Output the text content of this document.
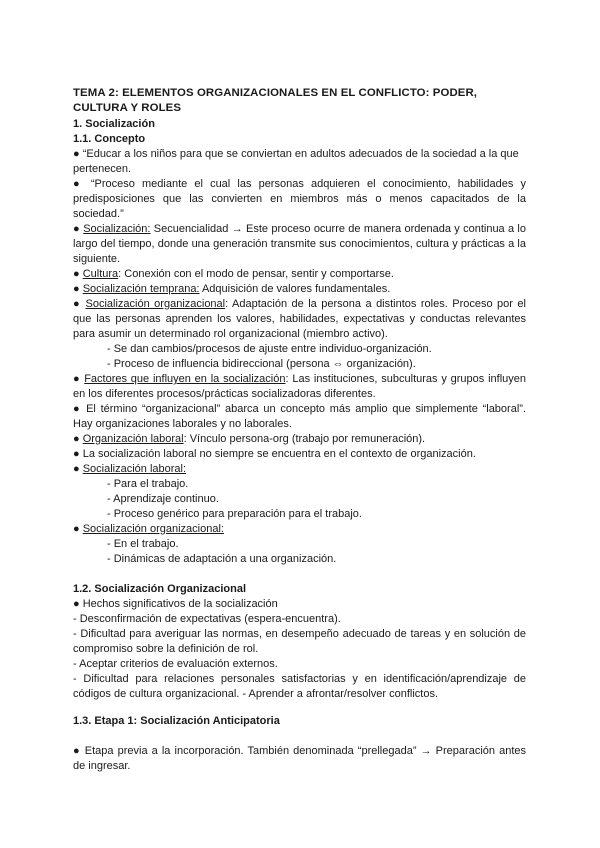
TEMA 2: ELEMENTOS ORGANIZACIONALES EN EL CONFLICTO: PODER, CULTURA Y ROLES
1. Socialización
1.1. Concepto
● “Educar a los niños para que se conviertan en adultos adecuados de la sociedad a la que
pertenecen.
● “Proceso mediante el cual las personas adquieren el conocimiento, habilidades y
predisposiciones que las convierten en miembros más o menos capacitados de la
sociedad.”
● Socialización: Secuencialidad → Este proceso ocurre de manera ordenada y continua a lo
largo del tiempo, donde una generación transmite sus conocimientos, cultura y prácticas a la
siguiente.
● Cultura: Conexión con el modo de pensar, sentir y comportarse.
● Socialización temprana: Adquisición de valores fundamentales.
● Socialización organizacional: Adaptación de la persona a distintos roles. Proceso por el
que las personas aprenden los valores, habilidades, expectativas y conductas relevantes
para asumir un determinado rol organizacional (miembro activo).
- Se dan cambios/procesos de ajuste entre individuo-organización.
- Proceso de influencia bidireccional (persona ⇔ organización).
● Factores que influyen en la socialización: Las instituciones, subculturas y grupos influyen
en los diferentes procesos/prácticas socializadoras diferentes.
● El término “organizacional” abarca un concepto más amplio que simplemente “laboral”.
Hay organizaciones laborales y no laborales.
● Organización laboral: Vínculo persona-org (trabajo por remuneración).
● La socialización laboral no siempre se encuentra en el contexto de organización.
● Socialización laboral:
- Para el trabajo.
- Aprendizaje continuo.
- Proceso genérico para preparación para el trabajo.
● Socialización organizacional:
- En el trabajo.
- Dinámicas de adaptación a una organización.
1.2. Socialización Organizacional
● Hechos significativos de la socialización
- Desconfirmación de expectativas (espera-encuentra).
- Dificultad para averiguar las normas, en desempeño adecuado de tareas y en solución de
compromiso sobre la definición de rol.
- Aceptar criterios de evaluación externos.
- Dificultad para relaciones personales satisfactorias y en identificación/aprendizaje de
códigos de cultura organizacional. - Aprender a afrontar/resolver conflictos.
1.3. Etapa 1: Socialización Anticipatoria
● Etapa previa a la incorporación. También denominada “prellegada” → Preparación antes
de ingresar.
